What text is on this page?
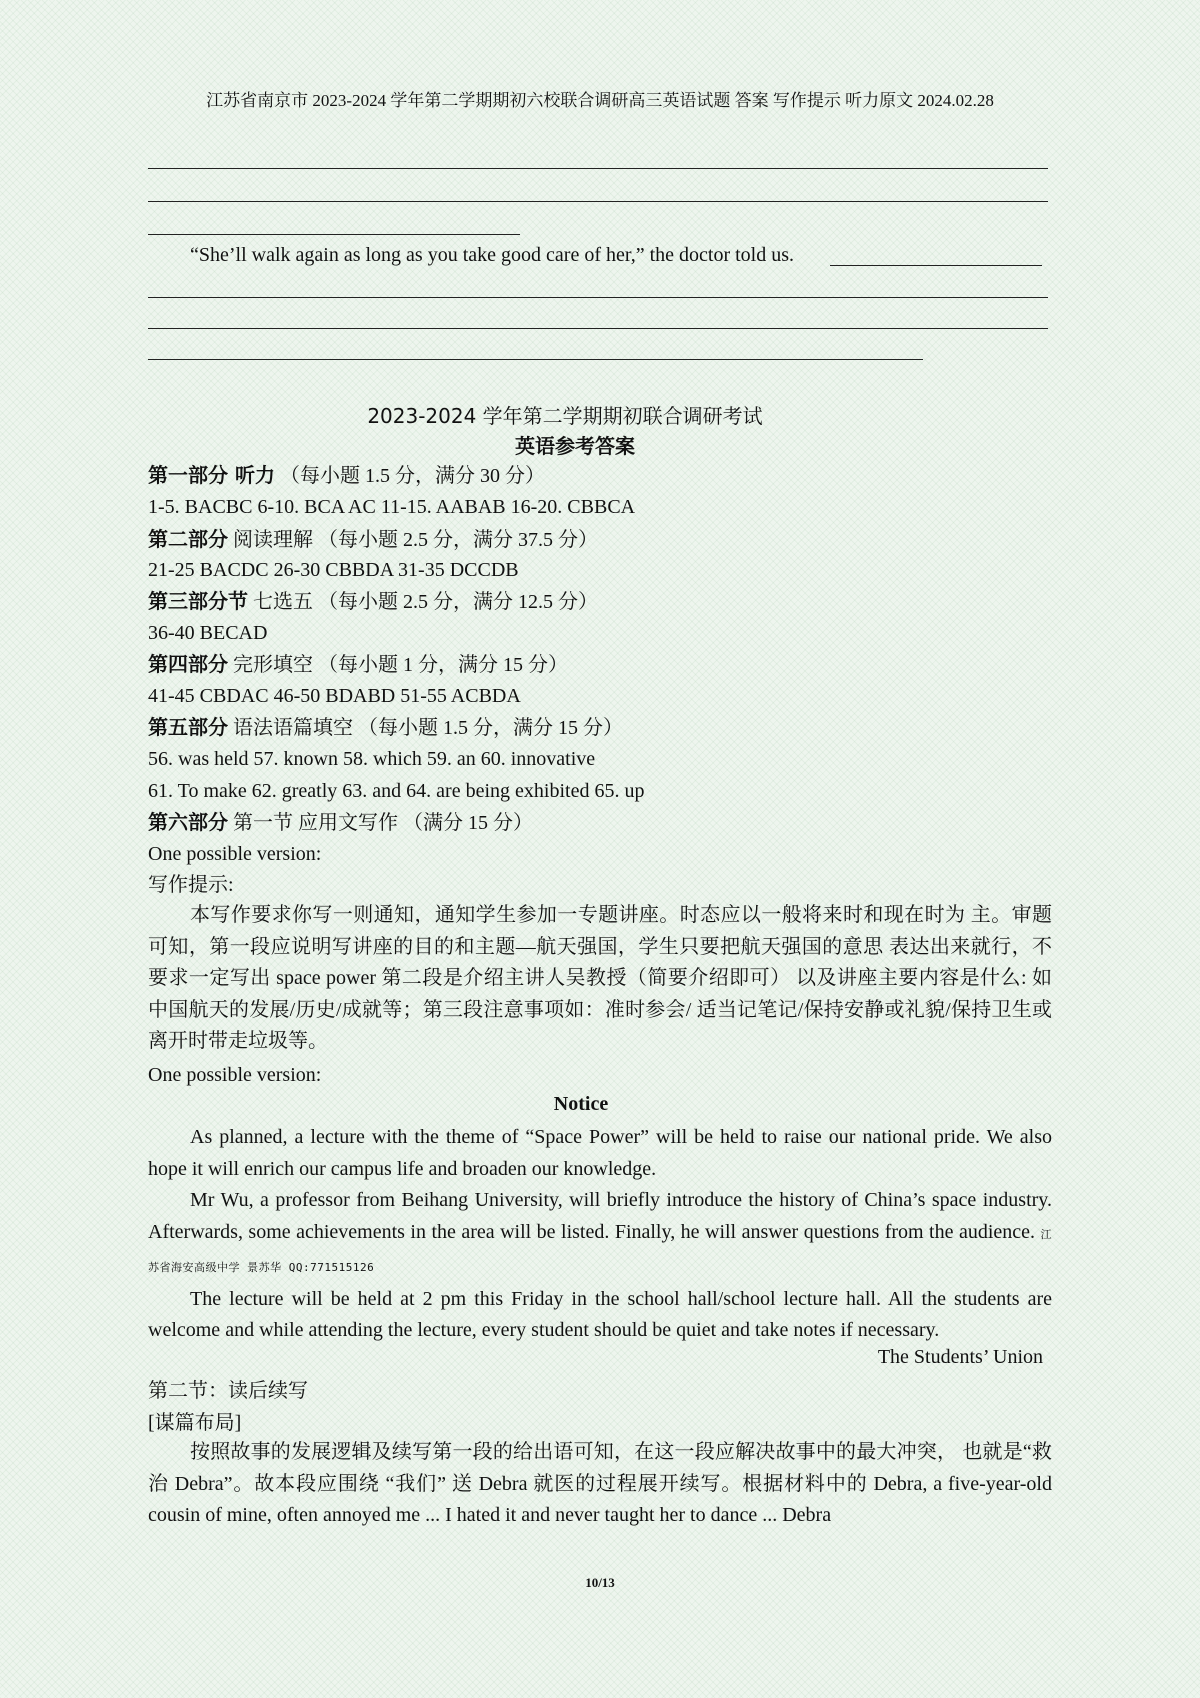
江苏省南京市 2023-2024 学年第二学期期初六校联合调研高三英语试题 答案 写作提示 听力原文 2024.02.28
“She’ll walk again as long as you take good care of her,” the doctor told us.
2023-2024 学年第二学期期初联合调研考试
英语参考答案
第一部分 听力 （每小题 1.5 分，满分 30 分）
1-5. BACBC 6-10. BCA AC 11-15. AABAB 16-20. CBBCA
第二部分 阅读理解 （每小题 2.5 分，满分 37.5 分）
21-25 BACDC 26-30 CBBDA 31-35 DCCDB
第三部分节 七选五 （每小题 2.5 分，满分 12.5 分）
36-40 BECAD
第四部分 完形填空 （每小题 1 分，满分 15 分）
41-45 CBDAC 46-50 BDABD 51-55 ACBDA
第五部分 语法语篇填空 （每小题 1.5 分，满分 15 分）
56. was held 57. known 58. which 59. an 60. innovative
61. To make 62. greatly 63. and 64. are being exhibited 65. up
第六部分 第一节 应用文写作 （满分 15 分）
One possible version:
写作提示:

本写作要求你写一则通知，通知学生参加一专题讲座。时态应以一般将来时和现在时为 主。审题可知，第一段应说明写讲座的目的和主题—航天强国，学生只要把航天强国的意思 表达出来就行，不要求一定写出 space power 第二段是介绍主讲人吴教授（简要介绍即可） 以及讲座主要内容是什么: 如中国航天的发展/历史/成就等；第三段注意事项如：准时参会/ 适当记笔记/保持安静或礼貌/保持卫生或离开时带走垃圾等。

One possible version:
Notice

As planned, a lecture with the theme of “Space Power” will be held to raise our national pride. We also hope it will enrich our campus life and broaden our knowledge.

Mr Wu, a professor from Beihang University, will briefly introduce the history of China’s space industry. Afterwards, some achievements in the area will be listed. Finally, he will answer questions from the audience. 江苏省海安高级中学 景苏华 QQ:771515126

The lecture will be held at 2 pm this Friday in the school hall/school lecture hall. All the students are welcome and while attending the lecture, every student should be quiet and take notes if necessary.

The Students’ Union
第二节：读后续写
[谋篇布局]

按照故事的发展逻辑及续写第一段的给出语可知，在这一段应解决故事中的最大冲突， 也就是“救治 Debra”。故本段应围绕 “我们” 送 Debra 就医的过程展开续写。根据材料中的 Debra, a five-year-old cousin of mine, often annoyed me ... I hated it and never taught her to dance ... Debra

10/13
